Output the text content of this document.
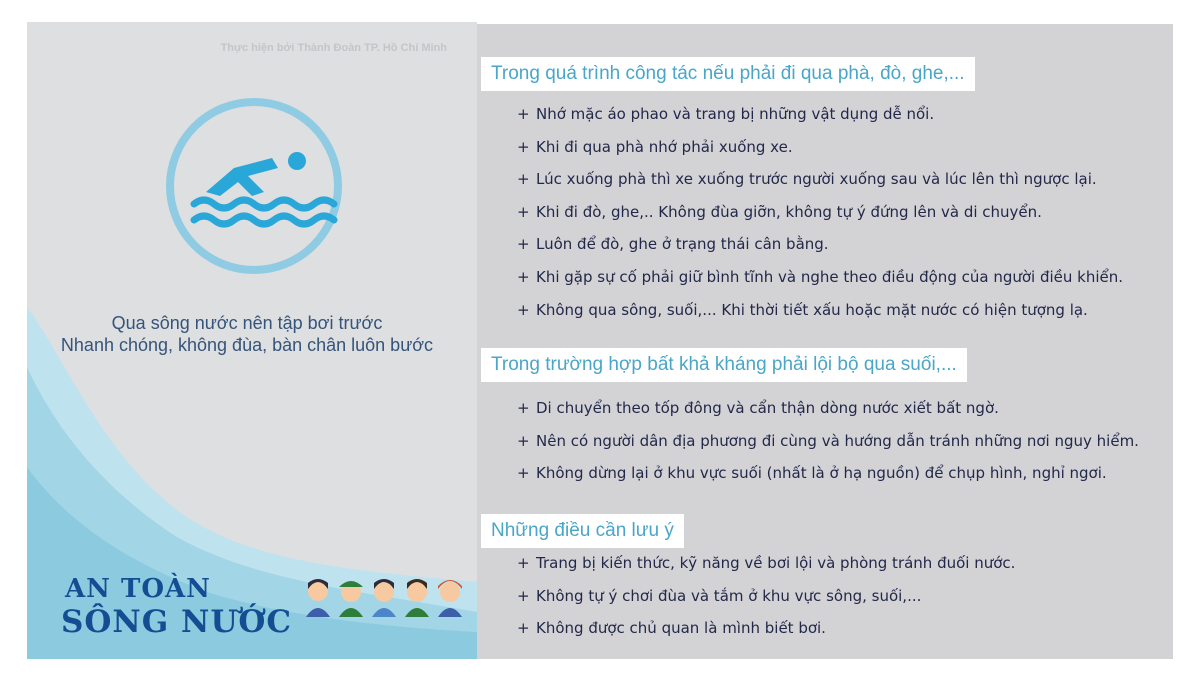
Thực hiện bởi Thành Đoàn TP. Hồ Chí Minh
Qua sông nước nên tập bơi trước
Nhanh chóng, không đùa, bàn chân luôn bước
AN TOÀN
SÔNG NƯỚC
Trong quá trình công tác nếu phải đi qua phà, đò, ghe,...
+ Nhớ mặc áo phao và trang bị những vật dụng dễ nổi.
+ Khi đi qua phà nhớ phải xuống xe.
+ Lúc xuống phà thì xe xuống trước người xuống sau và lúc lên thì ngược lại.
+ Khi đi đò, ghe,.. Không đùa giỡn, không tự ý đứng lên và di chuyển.
+ Luôn để đò, ghe ở trạng thái cân bằng.
+ Khi gặp sự cố phải giữ bình tĩnh và nghe theo điều động của người điều khiển.
+ Không qua sông, suối,... Khi thời tiết xấu hoặc mặt nước có hiện tượng lạ.
Trong trường hợp bất khả kháng phải lội bộ qua suối,...
+ Di chuyển theo tốp đông và cẩn thận dòng nước xiết bất ngờ.
+ Nên có người dân địa phương đi cùng và hướng dẫn tránh những nơi nguy hiểm.
+ Không dừng lại ở khu vực suối (nhất là ở hạ nguồn) để chụp hình, nghỉ ngơi.
Những điều cần lưu ý
+ Trang bị kiến thức, kỹ năng về bơi lội và phòng tránh đuối nước.
+ Không tự ý chơi đùa và tắm ở khu vực sông, suối,...
+ Không được chủ quan là mình biết bơi.
